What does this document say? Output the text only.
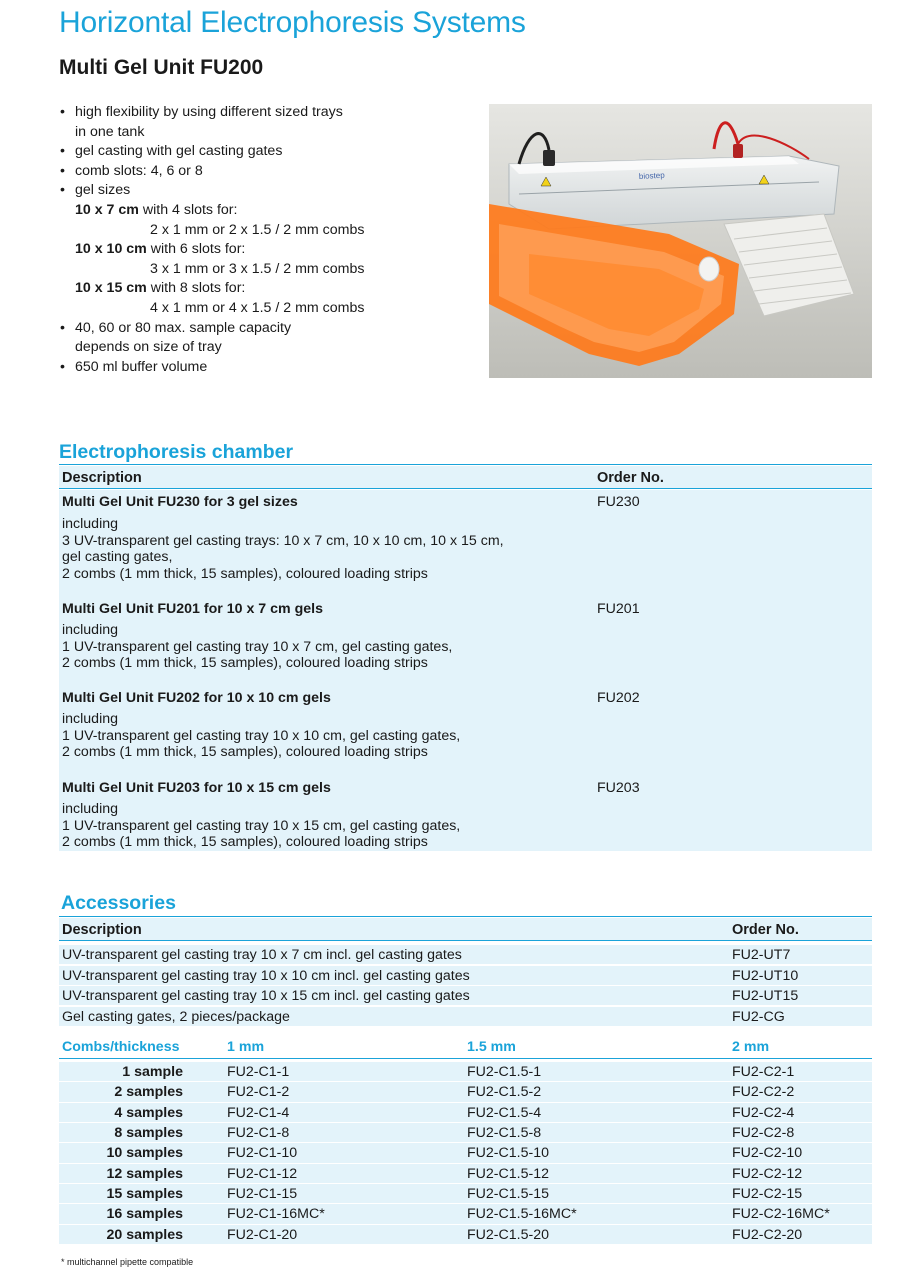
Horizontal Electrophoresis Systems
Multi Gel Unit FU200
• high flexibility by using different sized trays
in one tank
• gel casting with gel casting gates
• comb slots: 4, 6 or 8
• gel sizes
10 x 7 cm with 4 slots for:
2 x 1 mm or 2 x 1.5 / 2 mm combs
10 x 10 cm with 6 slots for:
3 x 1 mm or 3 x 1.5 / 2 mm combs
10 x 15 cm with 8 slots for:
4 x 1 mm or 4 x 1.5 / 2 mm combs
• 40, 60 or 80 max. sample capacity
depends on size of tray
• 650 ml buffer volume
biostep
Electrophoresis chamber
Description	Order No.
Multi Gel Unit FU230 for 3 gel sizes	FU230
including
3 UV-transparent gel casting trays: 10 x 7 cm, 10 x 10 cm, 10 x 15 cm,
gel casting gates,
2 combs (1 mm thick, 15 samples), coloured loading strips
Multi Gel Unit FU201 for 10 x 7 cm gels	FU201
including
1 UV-transparent gel casting tray 10 x 7 cm, gel casting gates,
2 combs (1 mm thick, 15 samples), coloured loading strips
Multi Gel Unit FU202 for 10 x 10 cm gels	FU202
including
1 UV-transparent gel casting tray 10 x 10 cm, gel casting gates,
2 combs (1 mm thick, 15 samples), coloured loading strips
Multi Gel Unit FU203 for 10 x 15 cm gels	FU203
including
1 UV-transparent gel casting tray 10 x 15 cm, gel casting gates,
2 combs (1 mm thick, 15 samples), coloured loading strips
Accessories
Description	Order No.
UV-transparent gel casting tray 10 x 7 cm incl. gel casting gates	FU2-UT7
UV-transparent gel casting tray 10 x 10 cm incl. gel casting gates	FU2-UT10
UV-transparent gel casting tray 10 x 15 cm incl. gel casting gates	FU2-UT15
Gel casting gates, 2 pieces/package	FU2-CG
Combs/thickness	1 mm	1.5 mm	2 mm
1 sample	FU2-C1-1	FU2-C1.5-1	FU2-C2-1
2 samples	FU2-C1-2	FU2-C1.5-2	FU2-C2-2
4 samples	FU2-C1-4	FU2-C1.5-4	FU2-C2-4
8 samples	FU2-C1-8	FU2-C1.5-8	FU2-C2-8
10 samples	FU2-C1-10	FU2-C1.5-10	FU2-C2-10
12 samples	FU2-C1-12	FU2-C1.5-12	FU2-C2-12
15 samples	FU2-C1-15	FU2-C1.5-15	FU2-C2-15
16 samples	FU2-C1-16MC*	FU2-C1.5-16MC*	FU2-C2-16MC*
20 samples	FU2-C1-20	FU2-C1.5-20	FU2-C2-20
* multichannel pipette compatible
